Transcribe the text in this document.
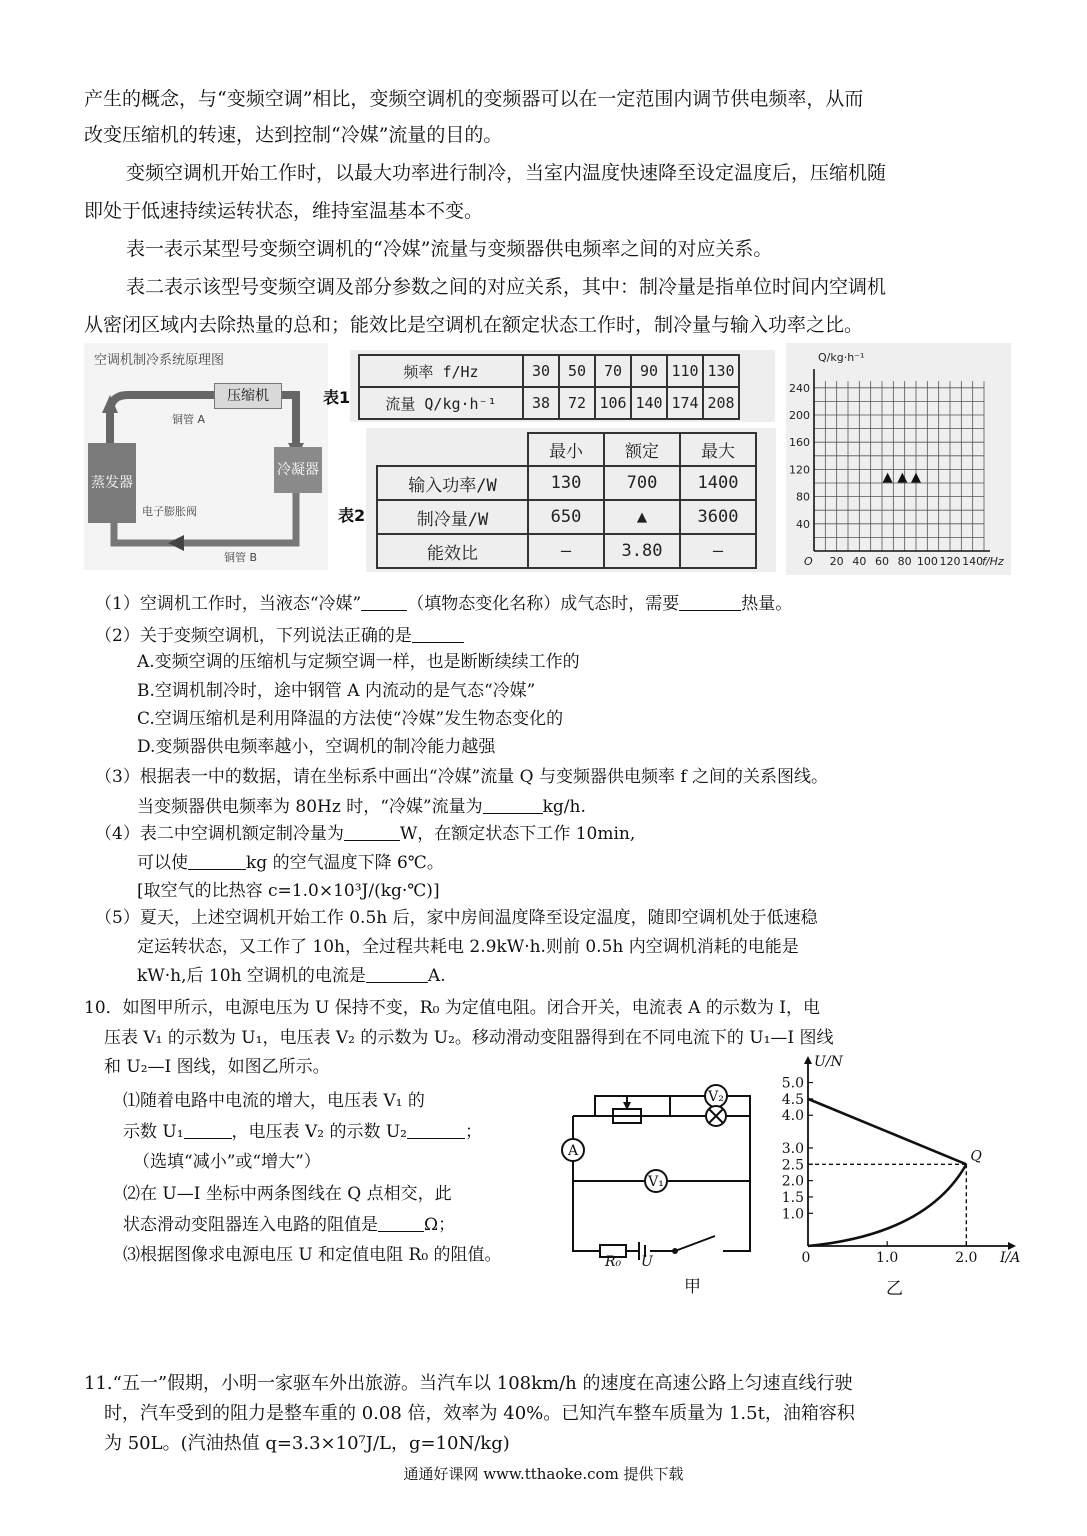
产生的概念，与“变频空调”相比，变频空调机的变频器可以在一定范围内调节供电频率，从而
改变压缩机的转速，达到控制“冷媒”流量的目的。
变频空调机开始工作时，以最大功率进行制冷，当室内温度快速降至设定温度后，压缩机随
即处于低速持续运转状态，维持室温基本不变。
表一表示某型号变频空调机的“冷媒”流量与变频器供电频率之间的对应关系。
表二表示该型号变频空调及部分参数之间的对应关系，其中：制冷量是指单位时间内空调机
从密闭区域内去除热量的总和；能效比是空调机在额定状态工作时，制冷量与输入功率之比。
空调机制冷系统原理图
压缩机
铜管 A
蒸发器
冷凝器
电子膨胀阀
铜管 B
表1
频率 f/Hz	30	50	70	90	110	130
流量 Q/kg·h⁻¹	38	72	106	140	174	208
表2
	最小	额定	最大
输入功率/W	130	700	1400
制冷量/W	650	▲	3600
能效比	—	3.80	—
20 40 60 80 100 120 140
40
80
120
160
200
240
O
Q/kg·h⁻¹
f/Hz
▲ ▲ ▲
（1）空调机工作时，当液态“冷媒”	（填物态变化名称）成气态时，需要	热量。
（2）关于变频空调机，下列说法正确的是
A.变频空调的压缩机与定频空调一样，也是断断续续工作的
B.空调机制冷时，途中钢管 A 内流动的是气态“冷媒”
C.空调压缩机是利用降温的方法使“冷媒”发生物态变化的
D.变频器供电频率越小，空调机的制冷能力越强
（3）根据表一中的数据，请在坐标系中画出“冷媒”流量 Q 与变频器供电频率 f 之间的关系图线。
当变频器供电频率为 80Hz 时，“冷媒”流量为	kg/h.
（4）表二中空调机额定制冷量为	W，在额定状态下工作 10min,
可以使	kg 的空气温度下降 6℃。
[取空气的比热容 c=1.0×10³J/(kg·℃)]
（5）夏天，上述空调机开始工作 0.5h 后，家中房间温度降至设定温度，随即空调机处于低速稳
定运转状态，又工作了 10h，全过程共耗电 2.9kW·h.则前 0.5h 内空调机消耗的电能是
kW·h,后 10h 空调机的电流是	A.
10．如图甲所示，电源电压为 U 保持不变，R₀ 为定值电阻。闭合开关，电流表 A 的示数为 I，电
压表 V₁ 的示数为 U₁，电压表 V₂ 的示数为 U₂。移动滑动变阻器得到在不同电流下的 U₁—I 图线
和 U₂—I 图线，如图乙所示。
⑴随着电路中电流的增大，电压表 V₁ 的
示数 U₁	，电压表 V₂ 的示数 U₂	；
（选填“减小”或“增大”）
⑵在 U—I 坐标中两条图线在 Q 点相交，此
状态滑动变阻器连入电路的阻值是	Ω；
⑶根据图像求电源电压 U 和定值电阻 R₀ 的阻值。
A
V₁
V₂
R₀ U
甲
1.0	2.0
1.0
1.5
2.0
2.5
3.0
4.0
4.5
5.0
0
U/N
I/A
Q
乙
11.“五一”假期，小明一家驱车外出旅游。当汽车以 108km/h 的速度在高速公路上匀速直线行驶
时，汽车受到的阻力是整车重的 0.08 倍，效率为 40%。已知汽车整车质量为 1.5t，油箱容积
为 50L。(汽油热值 q=3.3×10⁷J/L，g=10N/kg)
通通好课网 www.tthaoke.com 提供下载
